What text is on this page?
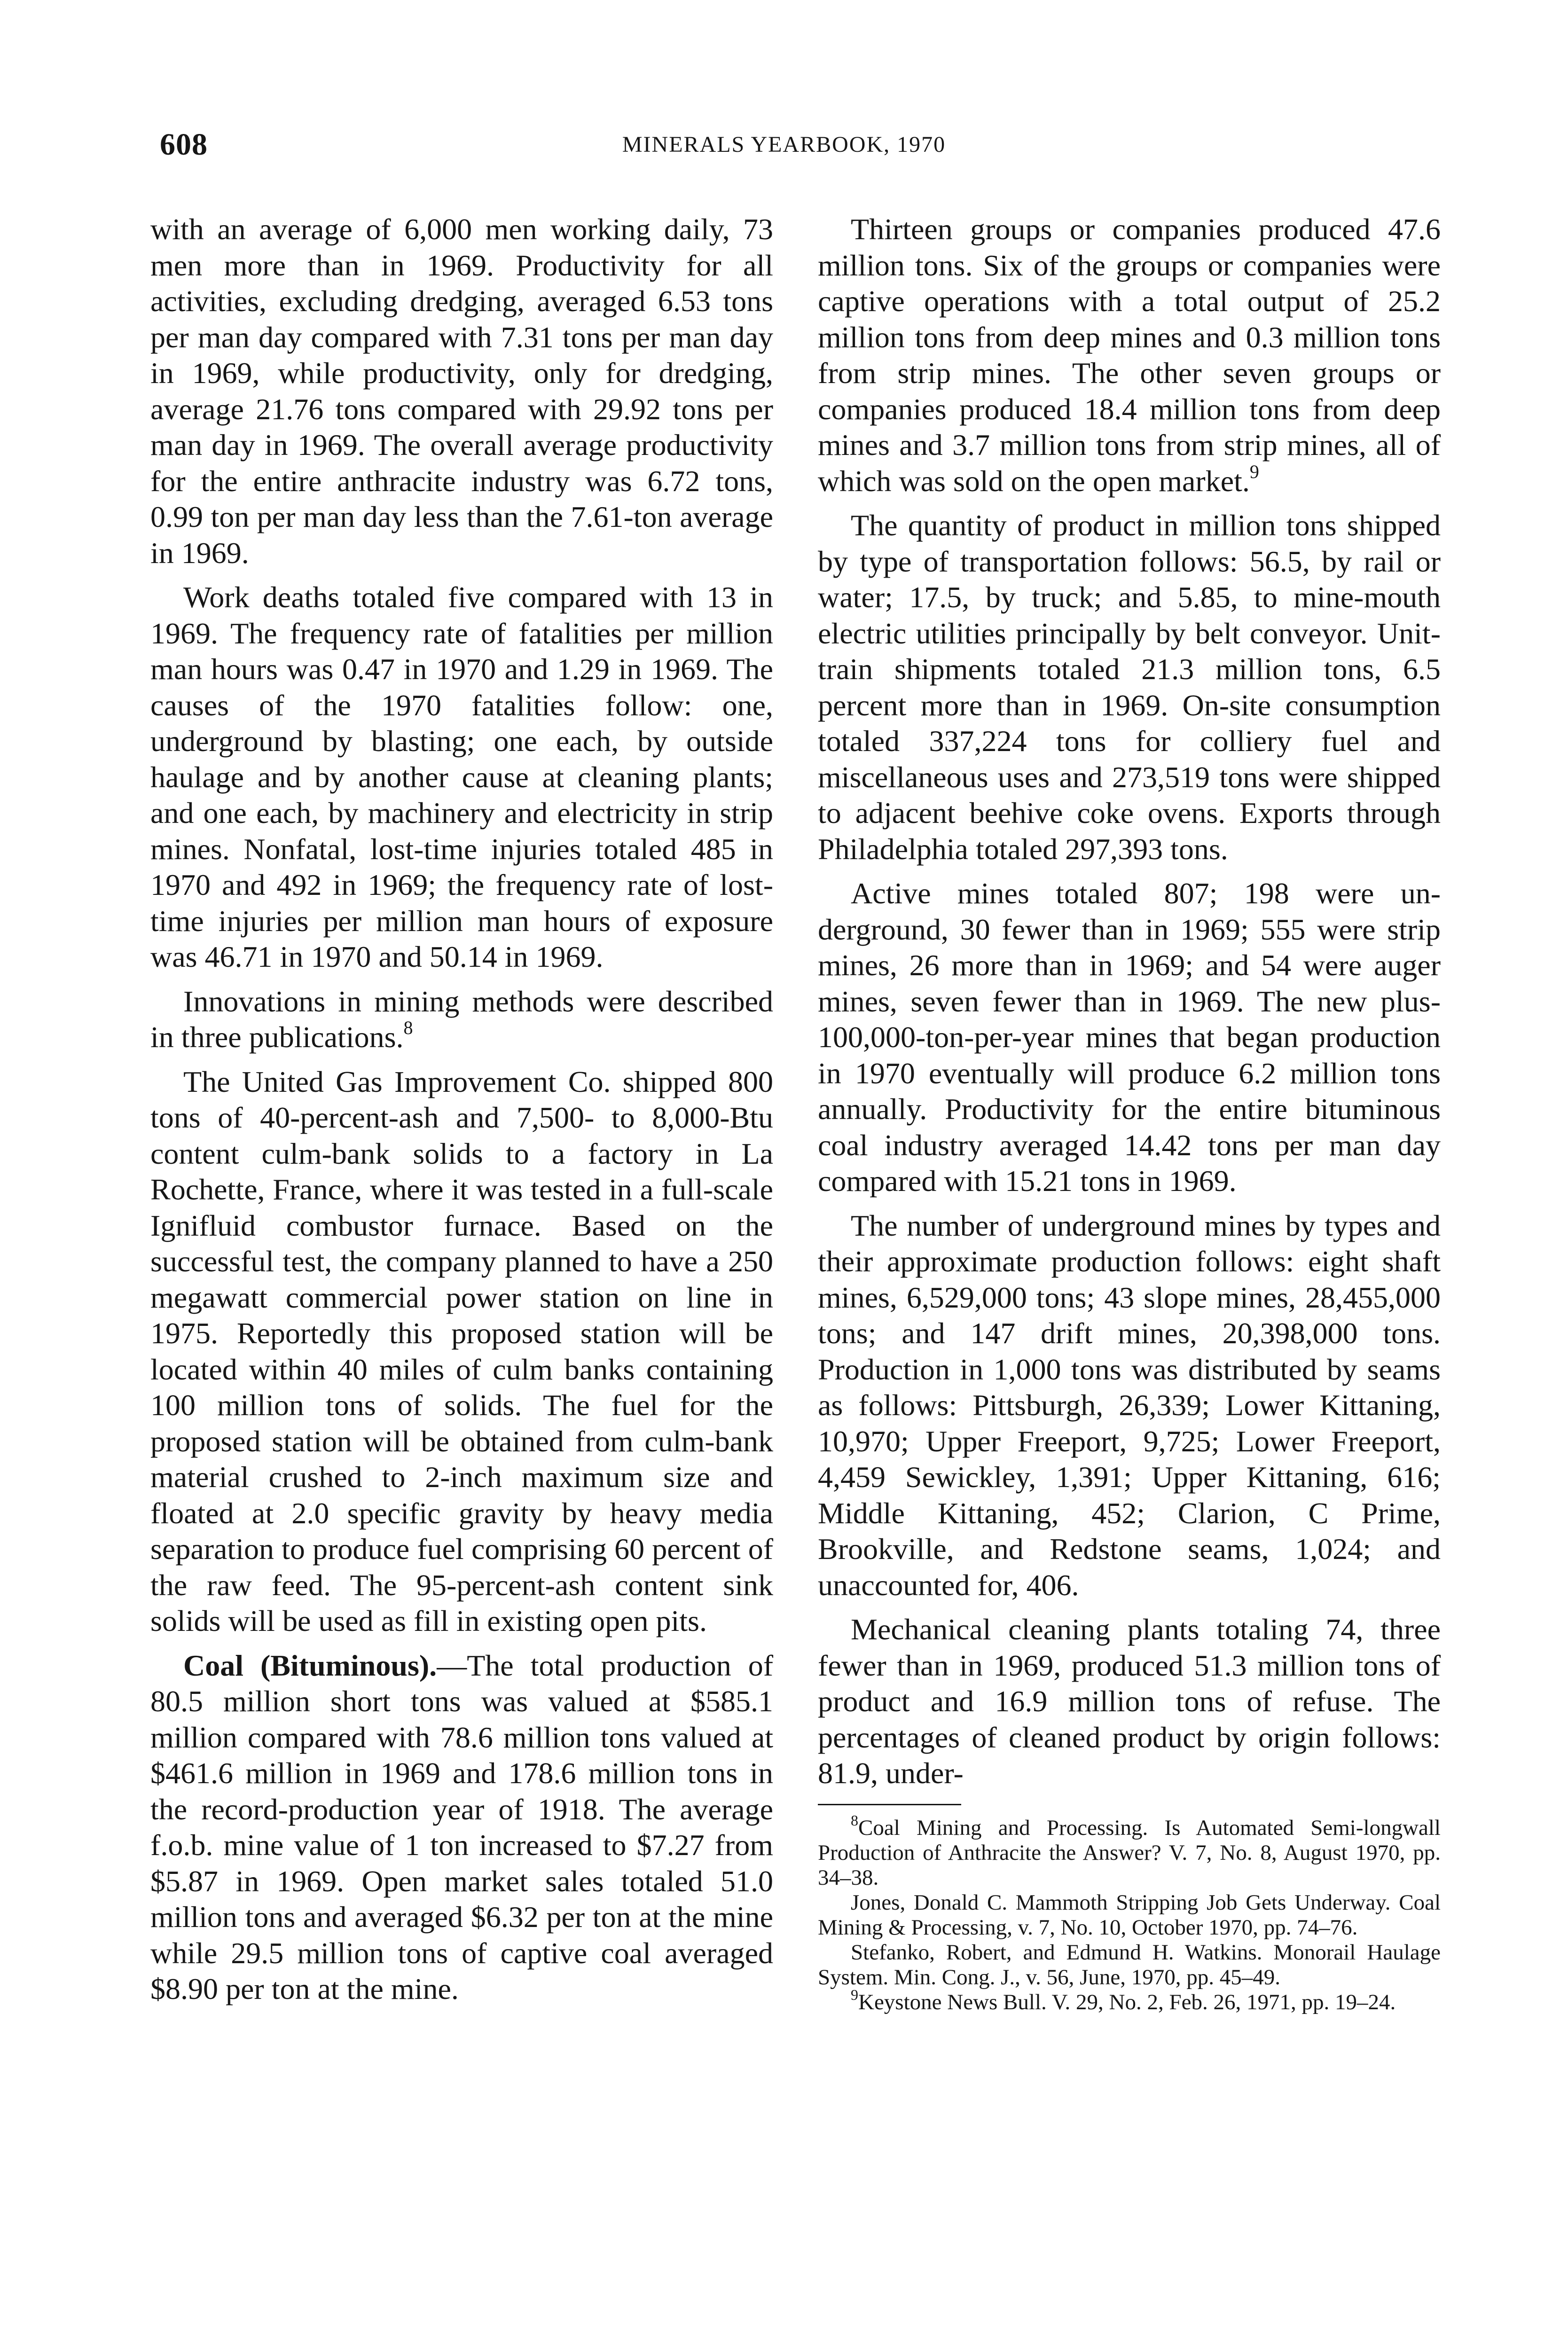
608	MINERALS YEARBOOK, 1970

with an average of 6,000 men working daily, 73 men more than in 1969. Productivity for all activities, excluding dredging, averaged 6.53 tons per man day compared with 7.31 tons per man day in 1969, while productivity, only for dredging, average 21.76 tons compared with 29.92 tons per man day in 1969. The overall average productivity for the entire anthracite industry was 6.72 tons, 0.99 ton per man day less than the 7.61-ton average in 1969.

Work deaths totaled five compared with 13 in 1969. The frequency rate of fatalities per million man hours was 0.47 in 1970 and 1.29 in 1969. The causes of the 1970 fatalities follow: one, underground by blasting; one each, by outside haulage and by another cause at cleaning plants; and one each, by machinery and electricity in strip mines. Nonfatal, lost-time injuries totaled 485 in 1970 and 492 in 1969; the frequency rate of lost-time injuries per million man hours of exposure was 46.71 in 1970 and 50.14 in 1969.

Innovations in mining methods were described in three publications.$^8$

The United Gas Improvement Co. shipped 800 tons of 40-percent-ash and 7,500- to 8,000-Btu content culm-bank solids to a factory in La Rochette, France, where it was tested in a full-scale Ignifluid combustor furnace. Based on the successful test, the company planned to have a 250 megawatt commercial power station on line in 1975. Reportedly this proposed station will be located within 40 miles of culm banks containing 100 million tons of solids. The fuel for the proposed station will be obtained from culm-bank material crushed to 2-inch maximum size and floated at 2.0 specific gravity by heavy media separation to produce fuel comprising 60 percent of the raw feed. The 95-percent-ash content sink solids will be used as fill in existing open pits.

Coal (Bituminous).—The total production of 80.5 million short tons was valued at $585.1 million compared with 78.6 million tons valued at $461.6 million in 1969 and 178.6 million tons in the record-production year of 1918. The average f.o.b. mine value of 1 ton increased to $7.27 from $5.87 in 1969. Open market sales totaled 51.0 million tons and averaged $6.32 per ton at the mine while 29.5 million tons of captive coal averaged $8.90 per ton at the mine.

Thirteen groups or companies produced 47.6 million tons. Six of the groups or companies were captive operations with a total output of 25.2 million tons from deep mines and 0.3 million tons from strip mines. The other seven groups or companies produced 18.4 million tons from deep mines and 3.7 million tons from strip mines, all of which was sold on the open market.$^9$

The quantity of product in million tons shipped by type of transportation follows: 56.5, by rail or water; 17.5, by truck; and 5.85, to mine-mouth electric utilities principally by belt conveyor. Unit-train shipments totaled 21.3 million tons, 6.5 percent more than in 1969. On-site consumption totaled 337,224 tons for colliery fuel and miscellaneous uses and 273,519 tons were shipped to adjacent beehive coke ovens. Exports through Philadelphia totaled 297,393 tons.

Active mines totaled 807; 198 were underground, 30 fewer than in 1969; 555 were strip mines, 26 more than in 1969; and 54 were auger mines, seven fewer than in 1969. The new plus-100,000-ton-per-year mines that began production in 1970 eventually will produce 6.2 million tons annually. Productivity for the entire bituminous coal industry averaged 14.42 tons per man day compared with 15.21 tons in 1969.

The number of underground mines by types and their approximate production follows: eight shaft mines, 6,529,000 tons; 43 slope mines, 28,455,000 tons; and 147 drift mines, 20,398,000 tons. Production in 1,000 tons was distributed by seams as follows: Pittsburgh, 26,339; Lower Kittaning, 10,970; Upper Freeport, 9,725; Lower Freeport, 4,459 Sewickley, 1,391; Upper Kittaning, 616; Middle Kittaning, 452; Clarion, C Prime, Brookville, and Redstone seams, 1,024; and unaccounted for, 406.

Mechanical cleaning plants totaling 74, three fewer than in 1969, produced 51.3 million tons of product and 16.9 million tons of refuse. The percentages of cleaned product by origin follows: 81.9, under-

$^8$Coal Mining and Processing. Is Automated Semi-longwall Production of Anthracite the Answer? V. 7, No. 8, August 1970, pp. 34–38.

Jones, Donald C. Mammoth Stripping Job Gets Underway. Coal Mining & Processing, v. 7, No. 10, October 1970, pp. 74–76.

Stefanko, Robert, and Edmund H. Watkins. Monorail Haulage System. Min. Cong. J., v. 56, June, 1970, pp. 45–49.

$^9$Keystone News Bull. V. 29, No. 2, Feb. 26, 1971, pp. 19–24.
